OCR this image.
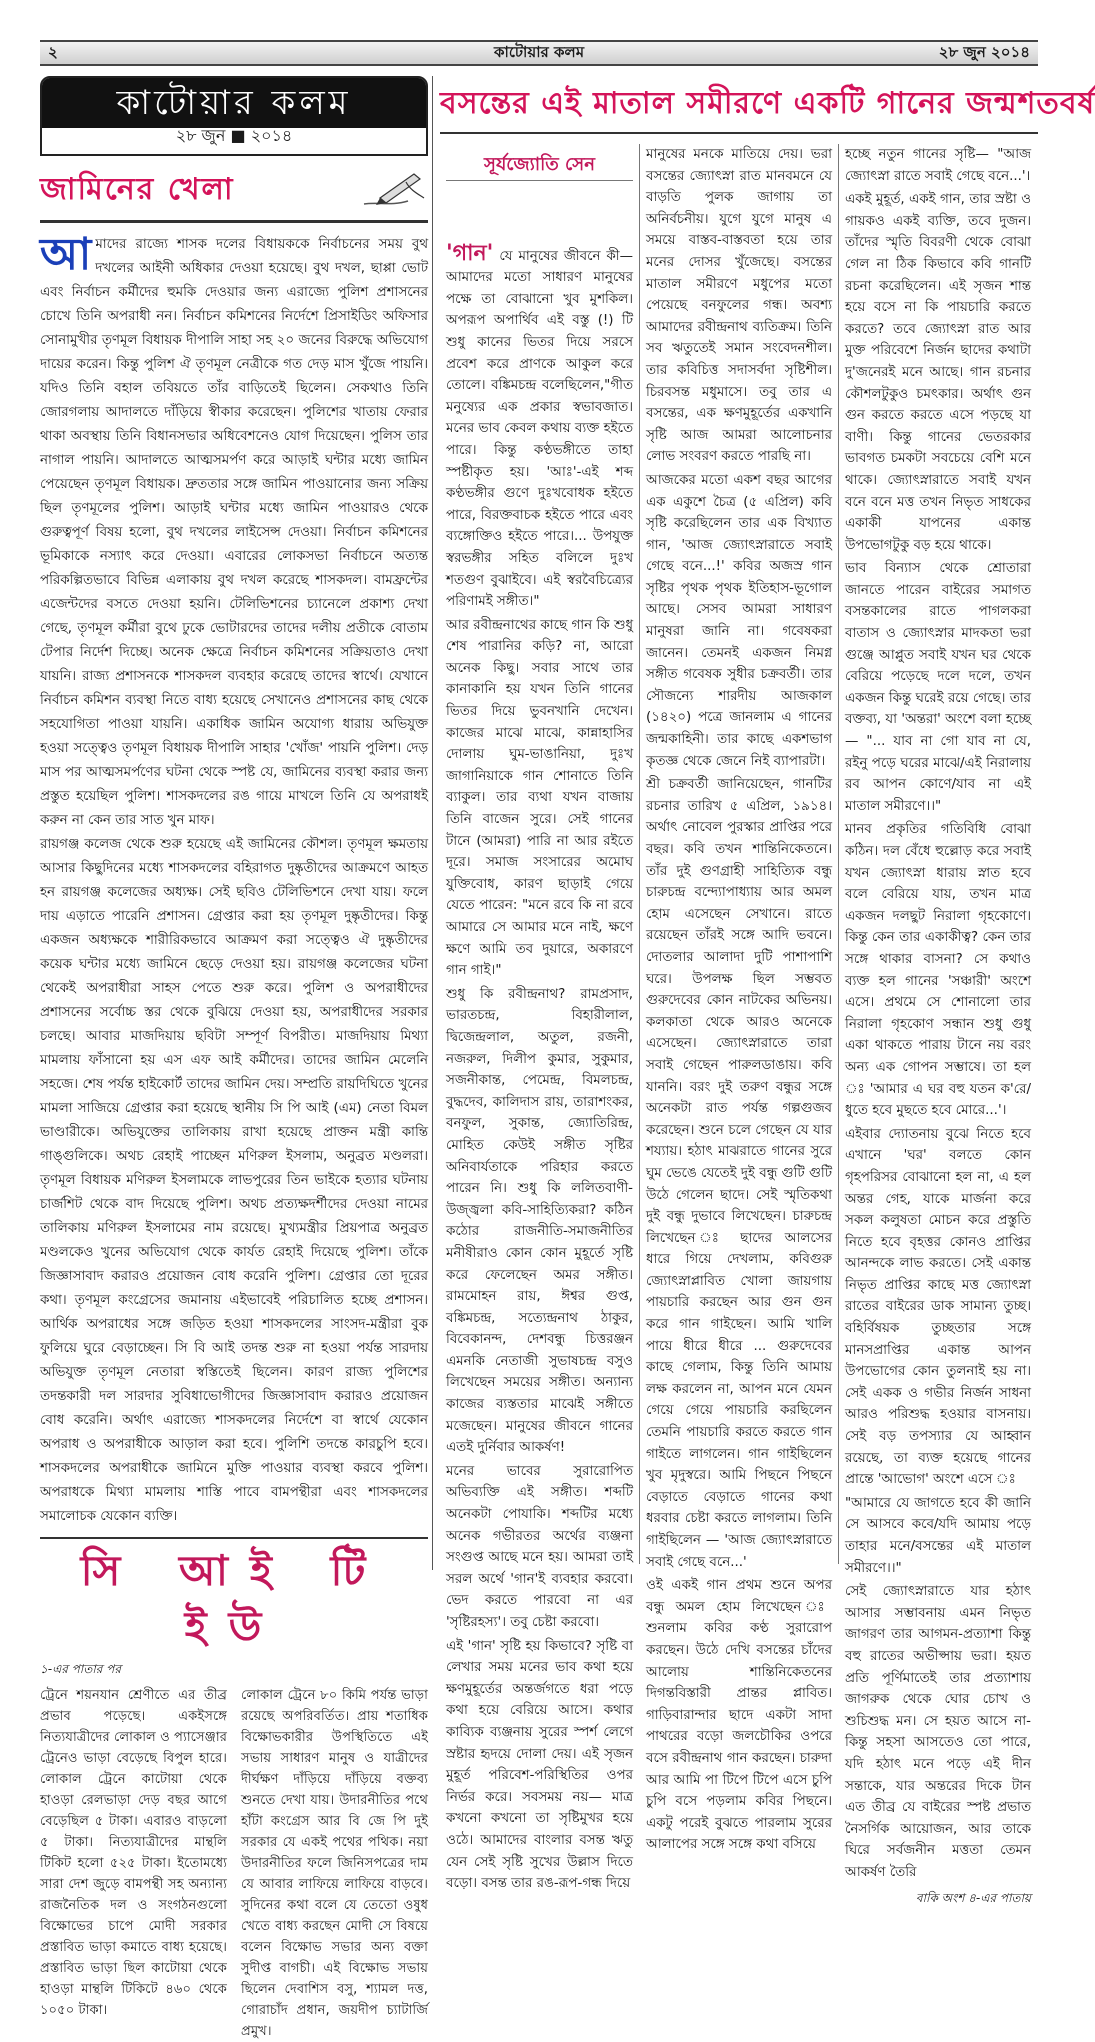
২	কাটোয়ার কলম	২৮ জুন ২০১৪
কাটোয়ার কলম
২৮ জুন ■ ২০১৪
জামিনের খেলা

আমাদের রাজ্যে শাসক দলের বিধায়ককে নির্বাচনের সময় বুথ দখলের আইনী অধিকার দেওয়া হয়েছে। বুথ দখল, ছাপ্পা ভোট এবং নির্বাচন কর্মীদের হুমকি দেওয়ার জন্য এরাজ্যে পুলিশ প্রশাসনের চোখে তিনি অপরাধী নন। নির্বাচন কমিশনের নির্দেশে প্রিসাইডিং অফিসার সোনামুখীর তৃণমূল বিধায়ক দীপালি সাহা সহ ২০ জনের বিরুদ্ধে অভিযোগ দায়ের করেন। কিন্তু পুলিশ ঐ তৃণমূল নেত্রীকে গত দেড় মাস খুঁজে পায়নি। যদিও তিনি বহাল তবিয়তে তাঁর বাড়িতেই ছিলেন। সেকথাও তিনি জোরগলায় আদালতে দাঁড়িয়ে স্বীকার করেছেন। পুলিশের খাতায় ফেরার থাকা অবস্থায় তিনি বিধানসভার অধিবেশনেও যোগ দিয়েছেন। পুলিস তার নাগাল পায়নি। আদালতে আত্মসমর্পণ করে আড়াই ঘন্টার মধ্যে জামিন পেয়েছেন তৃণমূল বিধায়ক। দ্রুততার সঙ্গে জামিন পাওয়ানোর জন্য সক্রিয় ছিল তৃণমূলের পুলিশ। আড়াই ঘন্টার মধ্যে জামিন পাওয়ারও থেকে গুরুত্বপূর্ণ বিষয় হলো, বুথ দখলের লাইসেন্স দেওয়া। নির্বাচন কমিশনের ভূমিকাকে নস্যাৎ করে দেওয়া। এবারের লোকসভা নির্বাচনে অত্যন্ত পরিকল্পিতভাবে বিভিন্ন এলাকায় বুথ দখল করেছে শাসকদল। বামফ্রন্টের এজেন্টদের বসতে দেওয়া হয়নি। টেলিভিশনের চ্যানেলে প্রকাশ্য দেখা গেছে, তৃণমূল কর্মীরা বুথে ঢুকে ভোটারদের তাদের দলীয় প্রতীকে বোতাম টেপার নির্দেশ দিচ্ছে। অনেক ক্ষেত্রে নির্বাচন কমিশনের সক্রিয়তাও দেখা যায়নি। রাজ্য প্রশাসনকে শাসকদল ব্যবহার করেছে তাদের স্বার্থে। যেখানে নির্বাচন কমিশন ব্যবস্থা নিতে বাধ্য হয়েছে সেখানেও প্রশাসনের কাছ থেকে সহযোগিতা পাওয়া যায়নি। একাধিক জামিন অযোগ্য ধারায় অভিযুক্ত হওয়া সত্ত্বেও তৃণমূল বিধায়ক দীপালি সাহার 'খোঁজ' পায়নি পুলিশ। দেড় মাস পর আত্মসমর্পণের ঘটনা থেকে স্পষ্ট যে, জামিনের ব্যবস্থা করার জন্য প্রস্তুত হয়েছিল পুলিশ। শাসকদলের রঙ গায়ে মাখলে তিনি যে অপরাধই করুন না কেন তার সাত খুন মাফ।

রায়গঞ্জ কলেজ থেকে শুরু হয়েছে এই জামিনের কৌশল। তৃণমূল ক্ষমতায় আসার কিছুদিনের মধ্যে শাসকদলের বহিরাগত দুষ্কৃতীদের আক্রমণে আহত হন রায়গঞ্জ কলেজের অধ্যক্ষ। সেই ছবিও টেলিভিশনে দেখা যায়। ফলে দায় এড়াতে পারেনি প্রশাসন। গ্রেপ্তার করা হয় তৃণমূল দুষ্কৃতীদের। কিন্তু একজন অধ্যক্ষকে শারীরিকভাবে আক্রমণ করা সত্ত্বেও ঐ দুষ্কৃতীদের কয়েক ঘন্টার মধ্যে জামিনে ছেড়ে দেওয়া হয়। রায়গঞ্জ কলেজের ঘটনা থেকেই অপরাধীরা সাহস পেতে শুরু করে। পুলিশ ও অপরাধীদের প্রশাসনের সর্বোচ্চ স্তর থেকে বুঝিয়ে দেওয়া হয়, অপরাধীদের সরকার চলছে। আবার মাজদিয়ায় ছবিটা সম্পূর্ণ বিপরীত। মাজদিয়ায় মিথ্যা মামলায় ফাঁসানো হয় এস এফ আই কর্মীদের। তাদের জামিন মেলেনি সহজে। শেষ পর্যন্ত হাইকোর্ট তাদের জামিন দেয়। সম্প্রতি রায়দিঘিতে খুনের মামলা সাজিয়ে গ্রেপ্তার করা হয়েছে স্থানীয় সি পি আই (এম) নেতা বিমল ভাণ্ডারীকে। অভিযুক্তের তালিকায় রাখা হয়েছে প্রাক্তন মন্ত্রী কান্তি গাঙ্গুলিকে। অথচ রেহাই পাচ্ছেন মণিরুল ইসলাম, অনুব্রত মণ্ডলরা। তৃণমূল বিধায়ক মণিরুল ইসলামকে লাভপুরের তিন ভাইকে হত্যার ঘটনায় চার্জশিট থেকে বাদ দিয়েছে পুলিশ। অথচ প্রত্যক্ষদর্শীদের দেওয়া নামের তালিকায় মণিরুল ইসলামের নাম রয়েছে। মুখ্যমন্ত্রীর প্রিয়পাত্র অনুব্রত মণ্ডলকেও খুনের অভিযোগ থেকে কার্যত রেহাই দিয়েছে পুলিশ। তাঁকে জিজ্ঞাসাবাদ করারও প্রয়োজন বোধ করেনি পুলিশ। গ্রেপ্তার তো দূরের কথা। তৃণমূল কংগ্রেসের জমানায় এইভাবেই পরিচালিত হচ্ছে প্রশাসন। আর্থিক অপরাধের সঙ্গে জড়িত হওয়া শাসকদলের সাংসদ-মন্ত্রীরা বুক ফুলিয়ে ঘুরে বেড়াচ্ছেন। সি বি আই তদন্ত শুরু না হওয়া পর্যন্ত সারদায় অভিযুক্ত তৃণমূল নেতারা স্বস্তিতেই ছিলেন। কারণ রাজ্য পুলিশের তদন্তকারী দল সারদার সুবিধাভোগীদের জিজ্ঞাসাবাদ করারও প্রয়োজন বোধ করেনি। অর্থাৎ এরাজ্যে শাসকদলের নির্দেশে বা স্বার্থে যেকোন অপরাধ ও অপরাধীকে আড়াল করা হবে। পুলিশি তদন্তে কারচুপি হবে। শাসকদলের অপরাধীকে জামিনে মুক্তি পাওয়ার ব্যবস্থা করবে পুলিশ। অপরাধকে মিথ্যা মামলায় শাস্তি পাবে বামপন্থীরা এবং শাসকদলের সমালোচক যেকোন ব্যক্তি।

সি আই টি ইউ
১-এর পাতার পর
ট্রেনে শয়নযান শ্রেণীতে এর তীব্র প্রভাব পড়েছে। একইসঙ্গে নিত্যযাত্রীদের লোকাল ও প্যাসেঞ্জার ট্রেনেও ভাড়া বেড়েছে বিপুল হারে। লোকাল ট্রেনে কাটোয়া থেকে হাওড়া রেলভাড়া দেড় বছর আগে বেড়েছিল ৫ টাকা। এবারও বাড়লো ৫ টাকা। নিত্যযাত্রীদের মান্থলি টিকিট হলো ৫২৫ টাকা। ইতোমধ্যে সারা দেশ জুড়ে বামপন্থী সহ অন্যান্য রাজনৈতিক দল ও সংগঠনগুলো বিক্ষোভের চাপে মোদী সরকার প্রস্তাবিত ভাড়া কমাতে বাধ্য হয়েছে। প্রস্তাবিত ভাড়া ছিল কাটোয়া থেকে হাওড়া মান্থলি টিকিটে ৪৬০ থেকে ১০৫০ টাকা।
লোকাল ট্রেনে ৮০ কিমি পর্যন্ত ভাড়া রয়েছে অপরিবর্তিত। প্রায় শতাধিক বিক্ষোভকারীর উপস্থিতিতে এই সভায় সাধারণ মানুষ ও যাত্রীদের দীর্ঘক্ষণ দাঁড়িয়ে দাঁড়িয়ে বক্তব্য শুনতে দেখা যায়। উদারনীতির পথে হাঁটা কংগ্রেস আর বি জে পি দুই সরকার যে একই পথের পথিক। নয়া উদারনীতির ফলে জিনিসপত্রের দাম যে আবার লাফিয়ে লাফিয়ে বাড়বে। সুদিনের কথা বলে যে তেতো ওষুধ খেতে বাধ্য করছেন মোদী সে বিষয়ে বলেন বিক্ষোভ সভার অন্য বক্তা সুদীপ্ত বাগচী। এই বিক্ষোভ সভায় ছিলেন দেবাশিস বসু, শ্যামল দত্ত, গোরাচাঁদ প্রধান, জয়দীপ চ্যাটার্জি প্রমুখ।
বসন্তের এই মাতাল সমীরণে একটি গানের জন্মশতবর্ষ
সূর্যজ্যোতি সেন

'গান' যে মানুষের জীবনে কী— আমাদের মতো সাধারণ মানুষের পক্ষে তা বোঝানো খুব মুশকিল। অপরূপ অপার্থিব এই বস্তু (!) টি শুধু কানের ভিতর দিয়ে সরসে প্রবেশ করে প্রাণকে আকুল করে তোলে। বঙ্কিমচন্দ্র বলেছিলেন,"গীত মনুষ্যের এক প্রকার স্বভাবজাত। মনের ভাব কেবল কথায় ব্যক্ত হইতে পারে। কিন্তু কণ্ঠভঙ্গীতে তাহা স্পষ্টীকৃত হয়। 'আঃ'-এই শব্দ কণ্ঠভঙ্গীর গুণে দুঃখবোধক হইতে পারে, বিরক্তবাচক হইতে পারে এবং ব্যঙ্গোক্তিও হইতে পারে।... উপযুক্ত স্বরভঙ্গীর সহিত বলিলে দুঃখ শতগুণ বুঝাইবে। এই স্বরবৈচিত্র্যের পরিণামই সঙ্গীত।"

আর রবীন্দ্রনাথের কাছে গান কি শুধু শেষ পারানির কড়ি? না, আরো অনেক কিছু। সবার সাথে তার কানাকানি হয় যখন তিনি গানের ভিতর দিয়ে ভুবনখানি দেখেন। কাজের মাঝে মাঝে, কান্নাহাসির দোলায় ঘুম-ভাঙানিয়া, দুঃখ জাগানিয়াকে গান শোনাতে তিনি ব্যাকুল। তার ব্যথা যখন বাজায় তিনি বাজেন সুরে। সেই গানের টানে (আমরা) পারি না আর রইতে দূরে। সমাজ সংসারের অমোঘ যুক্তিবোধ, কারণ ছাড়াই গেয়ে যেতে পারেন: "মনে রবে কি না রবে আমারে সে আমার মনে নাই, ক্ষণে ক্ষণে আমি তব দুয়ারে, অকারণে গান গাই।"

শুধু কি রবীন্দ্রনাথ? রামপ্রসাদ, ভারতচন্দ্র, বিহারীলাল, দ্বিজেন্দ্রলাল, অতুল, রজনী, নজরুল, দিলীপ কুমার, সুকুমার, সজনীকান্ত, পেমেন্দ্র, বিমলচন্দ্র, বুদ্ধদেব, কালিদাস রায়, তারাশংকর, বনফুল, সুকান্ত, জ্যোতিরিন্দ্র, মোহিত কেউই সঙ্গীত সৃষ্টির অনিবার্যতাকে পরিহার করতে পারেন নি। শুধু কি ললিতবাণী-উজ্জ্বলা কবি-সাহিত্যিকরা? কঠিন কঠোর রাজনীতি-সমাজনীতির মনীষীরাও কোন কোন মুহূর্তে সৃষ্টি করে ফেলেছেন অমর সঙ্গীত। রামমোহন রায়, ঈশ্বর গুপ্ত, বঙ্কিমচন্দ্র, সত্যেন্দ্রনাথ ঠাকুর, বিবেকানন্দ, দেশবন্ধু চিত্তরঞ্জন এমনকি নেতাজী সুভাষচন্দ্র বসুও লিখেছেন সময়ের সঙ্গীত। অন্যান্য কাজের ব্যস্ততার মাঝেই সঙ্গীতে মজেছেন। মানুষের জীবনে গানের এতই দুর্নিবার আকর্ষণ!

মনের ভাবের সুরারোপিত অভিব্যক্তি এই সঙ্গীত। শব্দটি অনেকটা পোযাকি। শব্দটির মধ্যে অনেক গভীরতর অর্থের ব্যঞ্জনা সংগুপ্ত আছে মনে হয়। আমরা তাই সরল অর্থে 'গান'ই ব্যবহার করবো। ভেদ করতে পারবো না এর 'সৃষ্টিরহস্য'। তবু চেষ্টা করবো।

এই 'গান' সৃষ্টি হয় কিভাবে? সৃষ্টি বা লেখার সময় মনের ভাব কথা হয়ে ক্ষণমুহূর্তের অন্তর্জগতে ধরা পড়ে কথা হয়ে বেরিয়ে আসে। কথার কাব্যিক ব্যঞ্জনায় সুরের স্পর্শ লেগে স্রষ্টার হৃদয়ে দোলা দেয়। এই সৃজন মুহূর্ত পরিবেশ-পরিস্থিতির ওপর নির্ভর করে। সবসময় নয়— মাত্র কখনো কখনো তা সৃষ্টিমুখর হয়ে ওঠে। আমাদের বাংলার বসন্ত ঋতু যেন সেই সৃষ্টি সুখের উল্লাস দিতে বড়ো। বসন্ত তার রঙ-রূপ-গন্ধ দিয়ে

মানুষের মনকে মাতিয়ে দেয়। ভরা বসন্তের জ্যোৎস্না রাত মানবমনে যে বাড়তি পুলক জাগায় তা অনির্বচনীয়। যুগে যুগে মানুষ এ সময়ে বাস্তব-বাস্তবতা হয়ে তার মনের দোসর খুঁজেছে। বসন্তের মাতাল সমীরণে মধুপের মতো পেয়েছে বনফুলের গন্ধ। অবশ্য আমাদের রবীন্দ্রনাথ ব্যতিক্রম। তিনি সব ঋতুতেই সমান সংবেদনশীল। তার কবিচিত্ত সদাসর্বদা সৃষ্টিশীল। চিরবসন্ত মধুমাসে। তবু তার এ বসন্তের, এক ক্ষণমুহূর্তের একখানি সৃষ্টি আজ আমরা আলোচনার লোভ সংবরণ করতে পারছি না।

আজকের মতো একশ বছর আগের এক একুশে চৈত্র (৫ এপ্রিল) কবি সৃষ্টি করেছিলেন তার এক বিখ্যাত গান, 'আজ জ্যোৎস্নারাতে সবাই গেছে বনে...!' কবির অজস্র গান সৃষ্টির পৃথক পৃথক ইতিহাস-ভূগোল আছে। সেসব আমরা সাধারণ মানুষরা জানি না। গবেষকরা জানেন। তেমনই একজন নিমগ্ন সঙ্গীত গবেষক সুধীর চক্রবর্তী। তার সৌজন্যে শারদীয় আজকাল (১৪২০) পত্রে জানলাম এ গানের জন্মকাহিনী। তার কাছে একশভাগ কৃতজ্ঞ থেকে জেনে নিই ব্যাপারটা।

শ্রী চক্রবর্তী জানিয়েছেন, গানটির রচনার তারিখ ৫ এপ্রিল, ১৯১৪। অর্থাৎ নোবেল পুরস্কার প্রাপ্তির পরে বছর। কবি তখন শান্তিনিকেতনে। তাঁর দুই গুণগ্রাহী সাহিত্যিক বন্ধু চারুচন্দ্র বন্দ্যোপাধ্যায় আর অমল হোম এসেছেন সেখানে। রাতে রয়েছেন তাঁরই সঙ্গে আদি ভবনে। দোতলার আলাদা দুটি পাশাপাশি ঘরে। উপলক্ষ ছিল সম্ভবত গুরুদেবের কোন নাটকের অভিনয়। কলকাতা থেকে আরও অনেকে এসেছেন। জ্যোৎস্নারাতে তারা সবাই গেছেন পারুলডাঙায়। কবি যাননি। বরং দুই তরুণ বন্ধুর সঙ্গে অনেকটা রাত পর্যন্ত গল্পগুজব করেছেন। শুনে চলে গেছেন যে যার শয্যায়। হঠাৎ মাঝরাতে গানের সুরে ঘুম ভেঙে যেতেই দুই বন্ধু গুটি গুটি উঠে গেলেন ছাদে। সেই স্মৃতিকথা দুই বন্ধু দুভাবে লিখেছেন। চারুচন্দ্র লিখেছেন ঃ ছাদের আলসের ধারে গিয়ে দেখলাম, কবিগুরু জ্যোৎস্নাপ্লাবিত খোলা জায়গায় পায়চারি করছেন আর গুন গুন করে গান গাইছেন। আমি খালি পায়ে ধীরে ধীরে ... গুরুদেবের কাছে গেলাম, কিন্তু তিনি আমায় লক্ষ করলেন না, আপন মনে যেমন গেয়ে গেয়ে পায়চারি করছিলেন তেমনি পায়চারি করতে করতে গান গাইতে লাগলেন। গান গাইছিলেন খুব মৃদুস্বরে। আমি পিছনে পিছনে বেড়াতে বেড়াতে গানের কথা ধরবার চেষ্টা করতে লাগলাম। তিনি গাইছিলেন — 'আজ জ্যোৎস্নারাতে সবাই গেছে বনে...'

ওই একই গান প্রথম শুনে অপর বন্ধু অমল হোম লিখেছেন ঃ শুনলাম কবির কণ্ঠ সুরারোপ করছেন। উঠে দেখি বসন্তের চাঁদের আলোয় শান্তিনিকেতনের দিগন্তবিস্তারী প্রান্তর প্লাবিত। গাড়িবারান্দার ছাদে একটা সাদা পাথরের বড়ো জলচৌকির ওপরে বসে রবীন্দ্রনাথ গান করছেন। চারুদা আর আমি পা টিপে টিপে এসে চুপি চুপি বসে পড়লাম কবির পিছনে। একটু পরেই বুঝতে পারলাম সুরের আলাপের সঙ্গে সঙ্গে কথা বসিয়ে

হচ্ছে নতুন গানের সৃষ্টি— "আজ জ্যোৎস্না রাতে সবাই গেছে বনে...'।

একই মুহূর্ত, একই গান, তার স্রষ্টা ও গায়কও একই ব্যক্তি, তবে দুজন। তাঁদের স্মৃতি বিবরণী থেকে বোঝা গেল না ঠিক কিভাবে কবি গানটি রচনা করেছিলেন। এই সৃজন শান্ত হয়ে বসে না কি পায়চারি করতে করতে? তবে জ্যোৎস্না রাত আর মুক্ত পরিবেশে নির্জন ছাদের কথাটা দু'জনেরই মনে আছে। গান রচনার কৌশলটুকুও চমৎকার। অর্থাৎ গুন গুন করতে করতে এসে পড়ছে যা বাণী। কিন্তু গানের ভেতরকার ভাবগত চমকটা সবচেয়ে বেশি মনে থাকে। জ্যোৎস্নারাতে সবাই যখন বনে বনে মত্ত তখন নিভৃত সাধকের একাকী যাপনের একান্ত উপভোগটুকু বড় হয়ে থাকে।

ভাব বিন্যাস থেকে শ্রোতারা জানতে পারেন বাইরের সমাগত বসন্তকালের রাতে পাগলকরা বাতাস ও জ্যোৎস্নার মাদকতা ভরা গুঞ্জে আপ্লুত সবাই যখন ঘর থেকে বেরিয়ে পড়েছে দলে দলে, তখন একজন কিন্তু ঘরেই রয়ে গেছে। তার বক্তব্য, যা 'অন্তরা' অংশে বলা হচ্ছে — "... যাব না গো যাব না যে, রইনু পড়ে ঘরের মাঝে/এই নিরালায় রব আপন কোণে/যাব না এই মাতাল সমীরণে।।"

মানব প্রকৃতির গতিবিধি বোঝা কঠিন। দল বেঁধে হুল্লোড় করে সবাই যখন জ্যোৎস্না ধারায় স্নাত হবে বলে বেরিয়ে যায়, তখন মাত্র একজন দলছুট নিরালা গৃহকোণে। কিন্তু কেন তার একাকীত্ব? কেন তার সঙ্গে থাকার বাসনা? সে কথাও ব্যক্ত হল গানের 'সঞ্চারী' অংশে এসে। প্রথমে সে শোনালো তার নিরালা গৃহকোণ সন্ধান শুধু গুধু একা থাকতে পারায় টানে নয় বরং অন্য এক গোপন সম্ভাষে। তা হল ঃ 'আমার এ ঘর বহু যতন ক'রে/ধুতে হবে মুছতে হবে মোরে...'।

এইবার দ্যোতনায় বুঝে নিতে হবে এখানে 'ঘর' বলতে কোন গৃহপরিসর বোঝানো হল না, এ হল অন্তর গেহ, যাকে মার্জনা করে সকল কলুষতা মোচন করে প্রস্তুতি নিতে হবে বৃহত্তর কোনও প্রাপ্তির আনন্দকে লাভ করতে। সেই একান্ত নিভৃত প্রাপ্তির কাছে মত্ত জ্যোৎস্না রাতের বাইরের ডাক সামান্য তুচ্ছ। বহির্বিষয়ক তুচ্ছতার সঙ্গে মানসপ্রাপ্তির একান্ত আপন উপভোগের কোন তুলনাই হয় না। সেই একক ও গভীর নির্জন সাধনা আরও পরিশুদ্ধ হওয়ার বাসনায়। সেই বড় তপস্যার যে আহ্বান রয়েছে, তা ব্যক্ত হয়েছে গানের প্রান্তে 'আভোগ' অংশে এসে ঃ

"আমারে যে জাগতে হবে কী জানি সে আসবে কবে/যদি আমায় পড়ে তাহার মনে/বসন্তের এই মাতাল সমীরণে।।"

সেই জ্যোৎস্নারাতে যার হঠাৎ আসার সম্ভাবনায় এমন নিভৃত জাগরণ তার আগমন-প্রত্যাশা কিন্তু বহু রাতের অভীপ্সায় ভরা। হয়ত প্রতি পূর্ণিমাতেই তার প্রত্যাশায় জাগরুক থেকে ঘোর চোখ ও শুচিশুদ্ধ মন। সে হয়ত আসে না-কিন্তু সহসা আসতেও তো পারে, যদি হঠাৎ মনে পড়ে এই দীন সন্তাকে, যার অন্তরের দিকে টান এত তীব্র যে বাইরের স্পষ্ট প্রভাত নৈসর্গিক আয়োজন, আর তাকে ঘিরে সর্বজনীন মত্ততা তেমন আকর্ষণ তৈরি

বাকি অংশ ৪-এর পাতায়
